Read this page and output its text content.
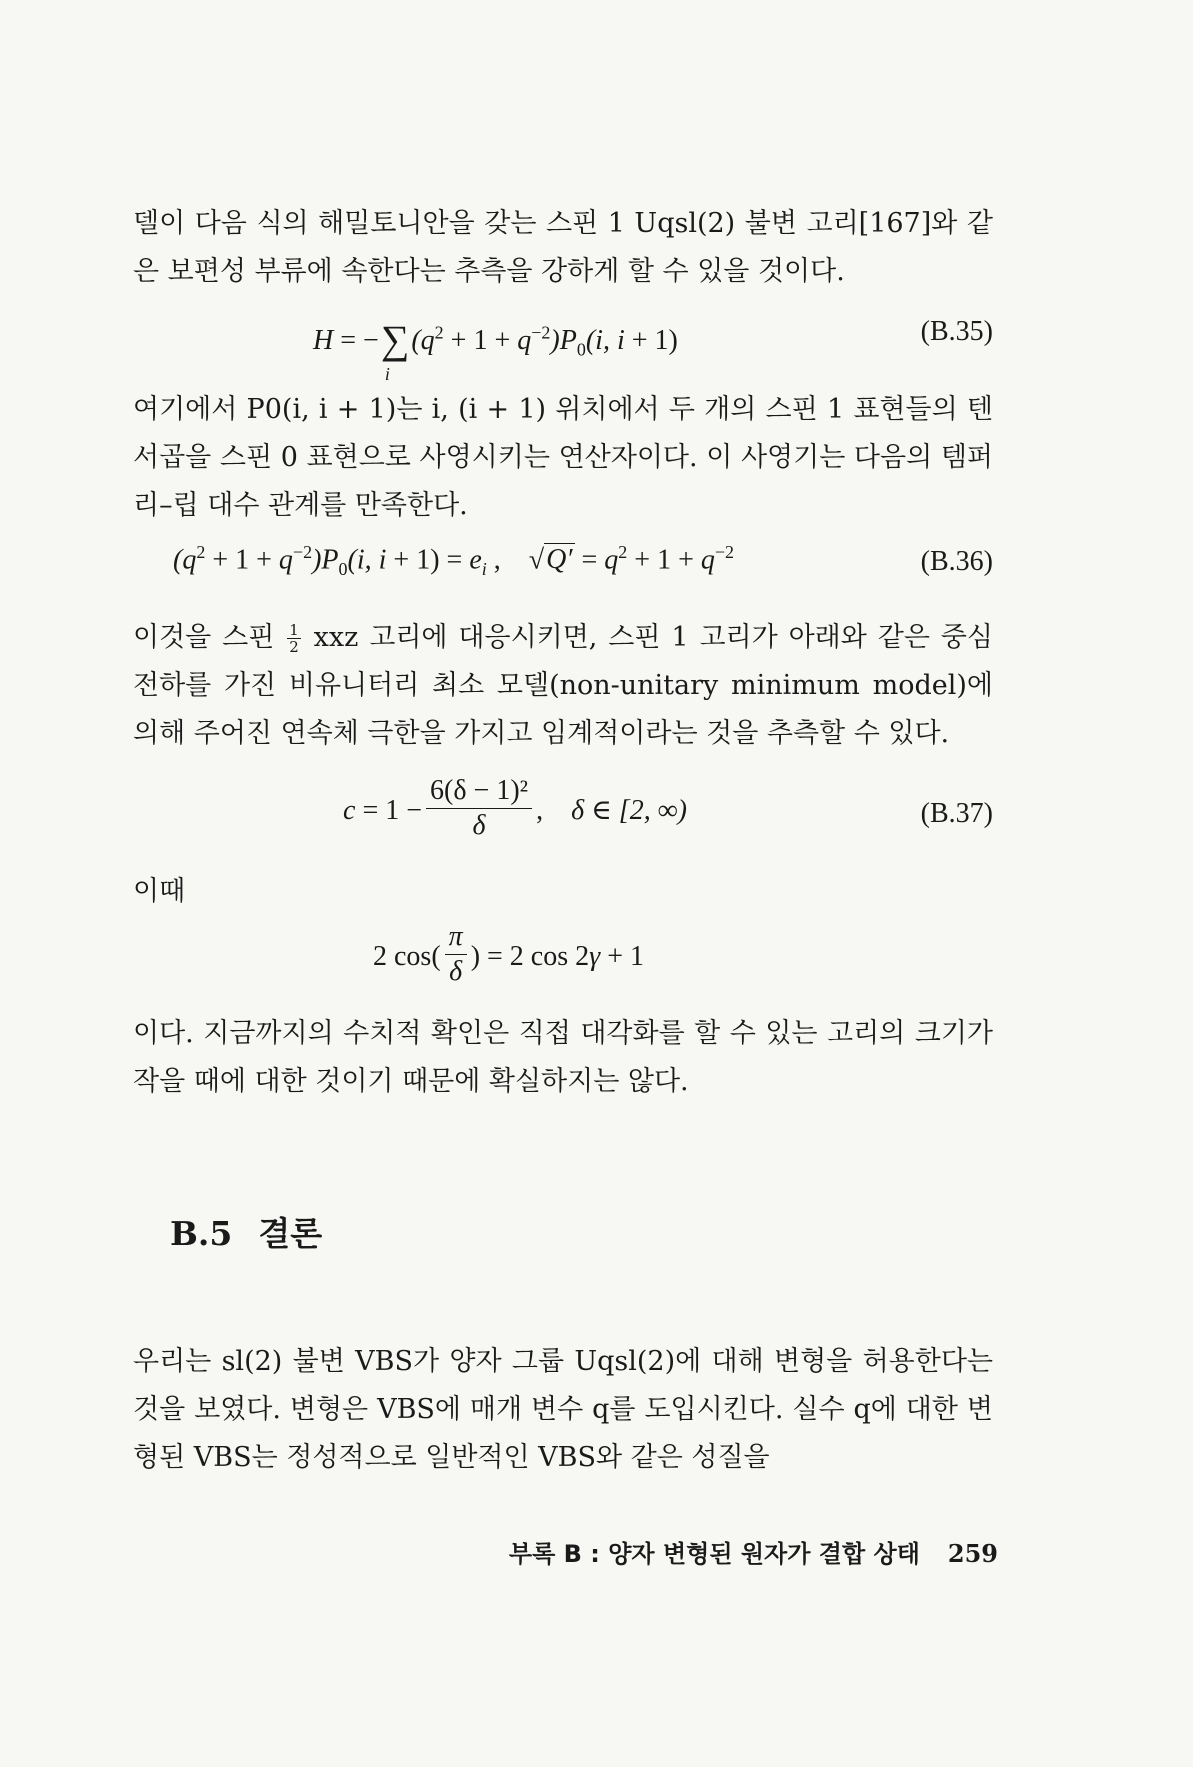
델이 다음 식의 해밀토니안을 갖는 스핀 1 Uqsl(2) 불변 고리[167]와 같은 보편성 부류에 속한다는 추측을 강하게 할 수 있을 것이다.

H = −∑
i
$(q^2 + 1 + q^{-2})P_0(i$, i + 1)	(B.35)

여기에서 P0(i, i + 1)는 i, (i + 1) 위치에서 두 개의 스핀 1 표현들의 텐서곱을 스핀 0 표현으로 사영시키는 연산자이다. 이 사영기는 다음의 템퍼리–립 대수 관계를 만족한다.

$(q^2 + 1 + q^{-2})P_0(i$, $i + 1) = e_i$ , $√Q' = q^2 + 1 + q^{-2}$	(B.36)

이것을 스핀 $\frac{1}{2}$ xxz 고리에 대응시키면, 스핀 1 고리가 아래와 같은 중심 전하를 가진 비유니터리 최소 모델(non-unitary minimum model)에 의해 주어진 연속체 극한을 가지고 임계적이라는 것을 추측할 수 있다.

$c = 1 - \frac{\text{6(δ − 1)²}}{\delta}$ , δ ∈ [2, ∞)	(B.37)

이때

2 $\cos( \frac{\pi}{\delta}$ ) = 2 cos 2γ + 1

이다. 지금까지의 수치적 확인은 직접 대각화를 할 수 있는 고리의 크기가 작을 때에 대한 것이기 때문에 확실하지는 않다.

B.5 결론

우리는 sl(2) 불변 VBS가 양자 그룹 Uqsl(2)에 대해 변형을 허용한다는 것을 보였다. 변형은 VBS에 매개 변수 q를 도입시킨다. 실수 q에 대한 변형된 VBS는 정성적으로 일반적인 VBS와 같은 성질을

부록 B : 양자 변형된 원자가 결합 상태 259
